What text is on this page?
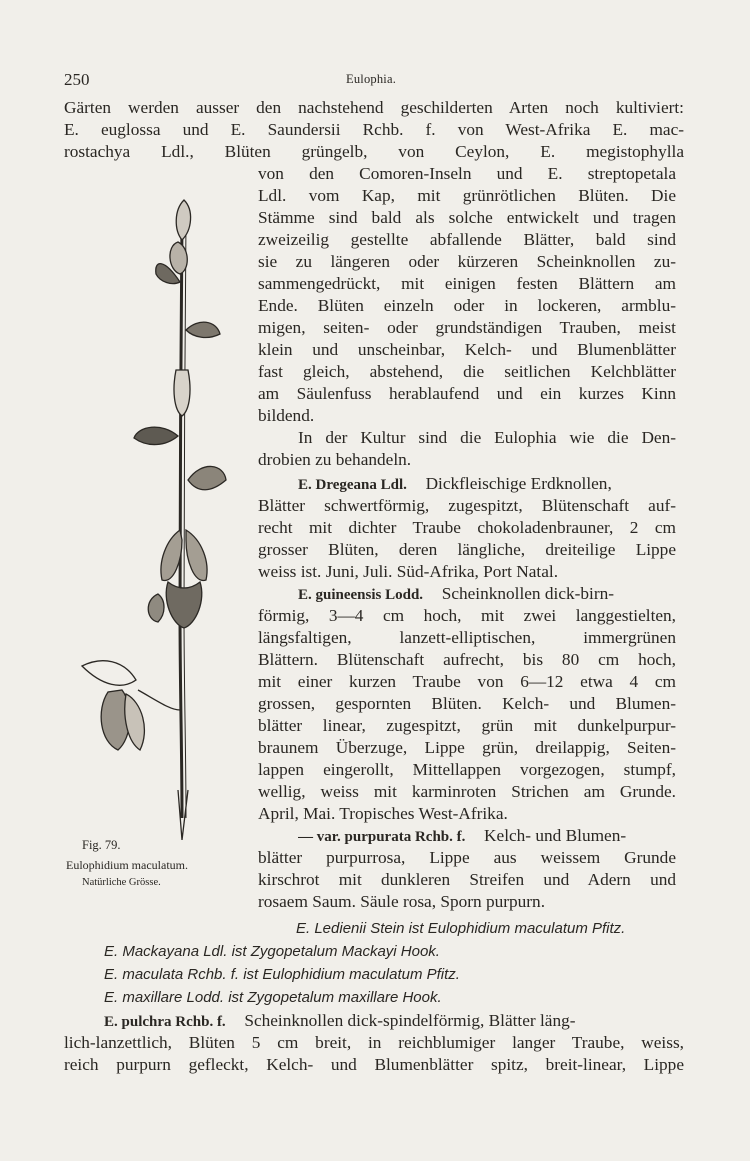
250	Eulophia.
Gärten werden ausser den nachstehend geschilderten Arten noch kultiviert:
E. euglossa und E. Saundersii Rchb. f. von West-Afrika E. mac-
rostachya Ldl., Blüten grüngelb, von Ceylon, E. megistophylla
von den Comoren-Inseln und E. streptopetala
Ldl. vom Kap, mit grünrötlichen Blüten. Die
Stämme sind bald als solche entwickelt und tragen
zweizeilig gestellte abfallende Blätter, bald sind
sie zu längeren oder kürzeren Scheinknollen zu-
sammengedrückt, mit einigen festen Blättern am
Ende. Blüten einzeln oder in lockeren, armblu-
migen, seiten- oder grundständigen Trauben, meist
klein und unscheinbar, Kelch- und Blumenblätter
fast gleich, abstehend, die seitlichen Kelchblätter
am Säulenfuss herablaufend und ein kurzes Kinn
bildend.
In der Kultur sind die Eulophia wie die Den-
drobien zu behandeln.
E. Dregeana Ldl. Dickfleischige Erdknollen,
Blätter schwertförmig, zugespitzt, Blütenschaft auf-
recht mit dichter Traube chokoladenbrauner, 2 cm
grosser Blüten, deren längliche, dreiteilige Lippe
weiss ist. Juni, Juli. Süd-Afrika, Port Natal.
E. guineensis Lodd. Scheinknollen dick-birn-
förmig, 3—4 cm hoch, mit zwei langgestielten,
längsfaltigen, lanzett-elliptischen, immergrünen
Blättern. Blütenschaft aufrecht, bis 80 cm hoch,
mit einer kurzen Traube von 6—12 etwa 4 cm
grossen, gespornten Blüten. Kelch- und Blumen-
blätter linear, zugespitzt, grün mit dunkelpurpur-
braunem Überzuge, Lippe grün, dreilappig, Seiten-
lappen eingerollt, Mittellappen vorgezogen, stumpf,
wellig, weiss mit karminroten Strichen am Grunde.
April, Mai. Tropisches West-Afrika.
— var. purpurata Rchb. f. Kelch- und Blumen-
blätter purpurrosa, Lippe aus weissem Grunde
kirschrot mit dunkleren Streifen und Adern und
rosaem Saum. Säule rosa, Sporn purpurn.
E. Ledienii Stein ist Eulophidium maculatum Pfitz.
E. Mackayana Ldl. ist Zygopetalum Mackayi Hook.
E. maculata Rchb. f. ist Eulophidium maculatum Pfitz.
E. maxillare Lodd. ist Zygopetalum maxillare Hook.
E. pulchra Rchb. f. Scheinknollen dick-spindelförmig, Blätter läng-
lich-lanzettlich, Blüten 5 cm breit, in reichblumiger langer Traube, weiss,
reich purpurn gefleckt, Kelch- und Blumenblätter spitz, breit-linear, Lippe
Fig. 79.
Eulophidium maculatum.
Natürliche Grösse.
